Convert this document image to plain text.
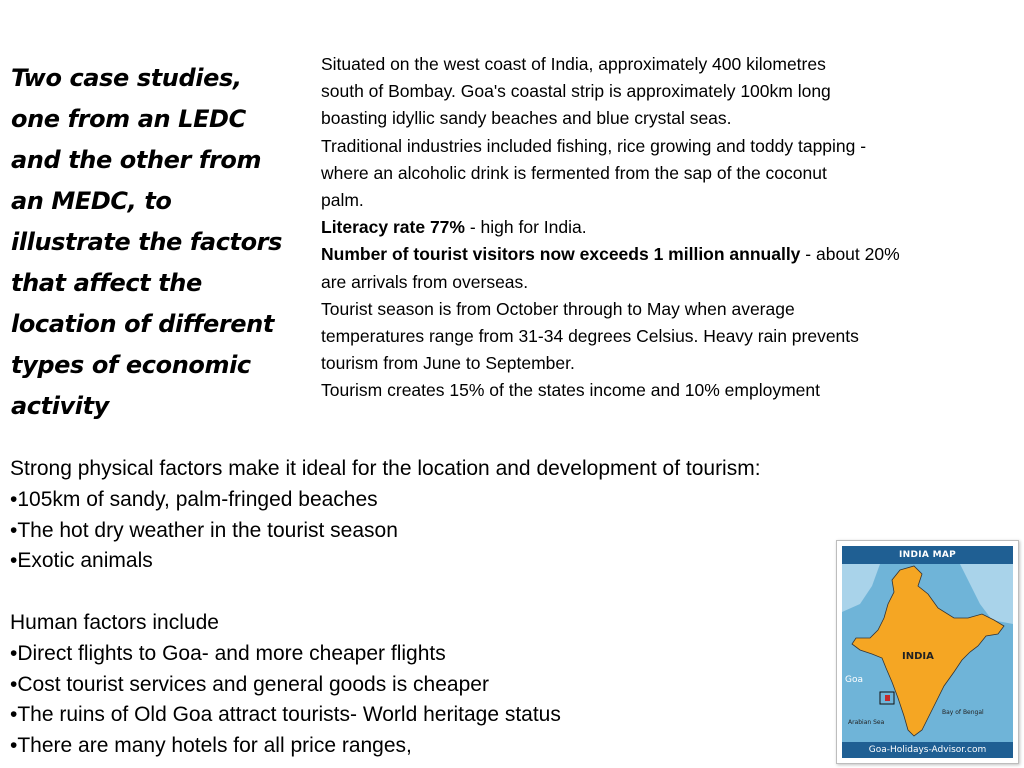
Two case studies,
one from an LEDC
and the other from
an MEDC, to
illustrate the factors
that affect the
location of different
types of economic
activity

Situated on the west coast of India, approximately 400 kilometres

south of Bombay. Goa's coastal strip is approximately 100km long

boasting idyllic sandy beaches and blue crystal seas.

Traditional industries included fishing, rice growing and toddy tapping -

where an alcoholic drink is fermented from the sap of the coconut

palm.

Literacy rate 77% - high for India.

Number of tourist visitors now exceeds 1 million annually - about 20%

are arrivals from overseas.

Tourist season is from October through to May when average

temperatures range from 31-34 degrees Celsius. Heavy rain prevents

tourism from June to September.

Tourism creates 15% of the states income and 10% employment

Strong physical factors make it ideal for the location and development of tourism:

•105km of sandy, palm-fringed beaches
•The hot dry weather in the tourist season
•Exotic animals

Human factors include

•Direct flights to Goa- and more cheaper flights
•Cost tourist services and general goods is cheaper
•The ruins of Old Goa attract tourists- World heritage status
•There are many hotels for all price ranges,
INDIA MAP
INDIA
Goa
Arabian Sea
Bay of Bengal
Goa-Holidays-Advisor.com
